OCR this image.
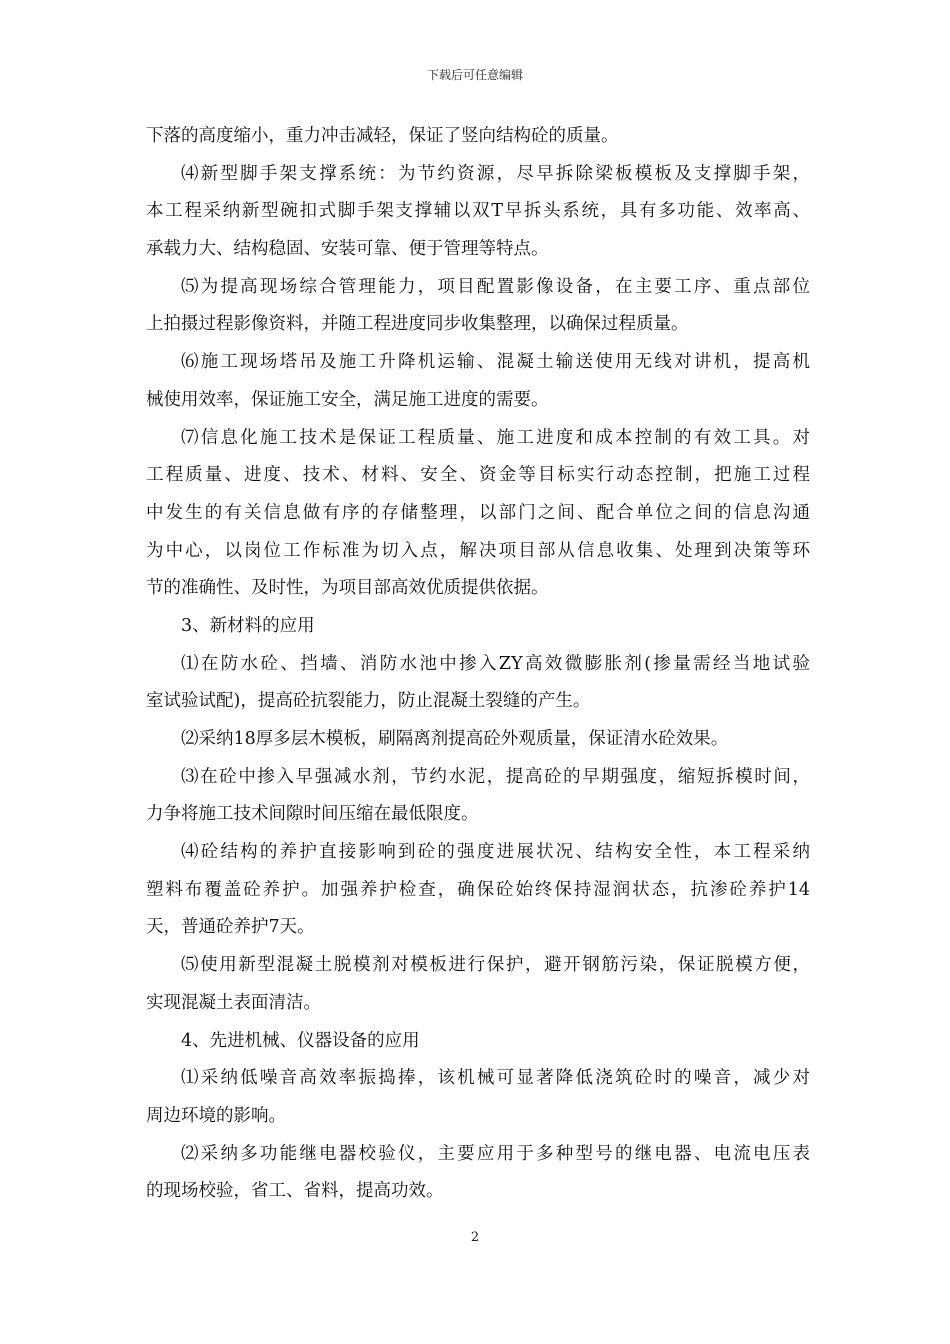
下载后可任意编辑
下落的高度缩小，重力冲击减轻，保证了竖向结构砼的质量。
⑷新型脚手架支撑系统：为节约资源，尽早拆除梁板模板及支撑脚手架，
本工程采纳新型碗扣式脚手架支撑辅以双T早拆头系统，具有多功能、效率高、
承载力大、结构稳固、安装可靠、便于管理等特点。
⑸为提高现场综合管理能力，项目配置影像设备，在主要工序、重点部位
上拍摄过程影像资料，并随工程进度同步收集整理，以确保过程质量。
⑹施工现场塔吊及施工升降机运输、混凝土输送使用无线对讲机，提高机
械使用效率，保证施工安全，满足施工进度的需要。
⑺信息化施工技术是保证工程质量、施工进度和成本控制的有效工具。对
工程质量、进度、技术、材料、安全、资金等目标实行动态控制，把施工过程
中发生的有关信息做有序的存储整理，以部门之间、配合单位之间的信息沟通
为中心，以岗位工作标准为切入点，解决项目部从信息收集、处理到决策等环
节的准确性、及时性，为项目部高效优质提供依据。
3、新材料的应用
⑴在防水砼、挡墙、消防水池中掺入ZY高效微膨胀剂(掺量需经当地试验
室试验试配)，提高砼抗裂能力，防止混凝土裂缝的产生。
⑵采纳18厚多层木模板，刷隔离剂提高砼外观质量，保证清水砼效果。
⑶在砼中掺入早强减水剂，节约水泥，提高砼的早期强度，缩短拆模时间，
力争将施工技术间隙时间压缩在最低限度。
⑷砼结构的养护直接影响到砼的强度进展状况、结构安全性，本工程采纳
塑料布覆盖砼养护。加强养护检查，确保砼始终保持湿润状态，抗渗砼养护14
天，普通砼养护7天。
⑸使用新型混凝土脱模剂对模板进行保护，避开钢筋污染，保证脱模方便，
实现混凝土表面清洁。
4、先进机械、仪器设备的应用
⑴采纳低噪音高效率振捣捧，该机械可显著降低浇筑砼时的噪音，减少对
周边环境的影响。
⑵采纳多功能继电器校验仪，主要应用于多种型号的继电器、电流电压表
的现场校验，省工、省料，提高功效。
2
